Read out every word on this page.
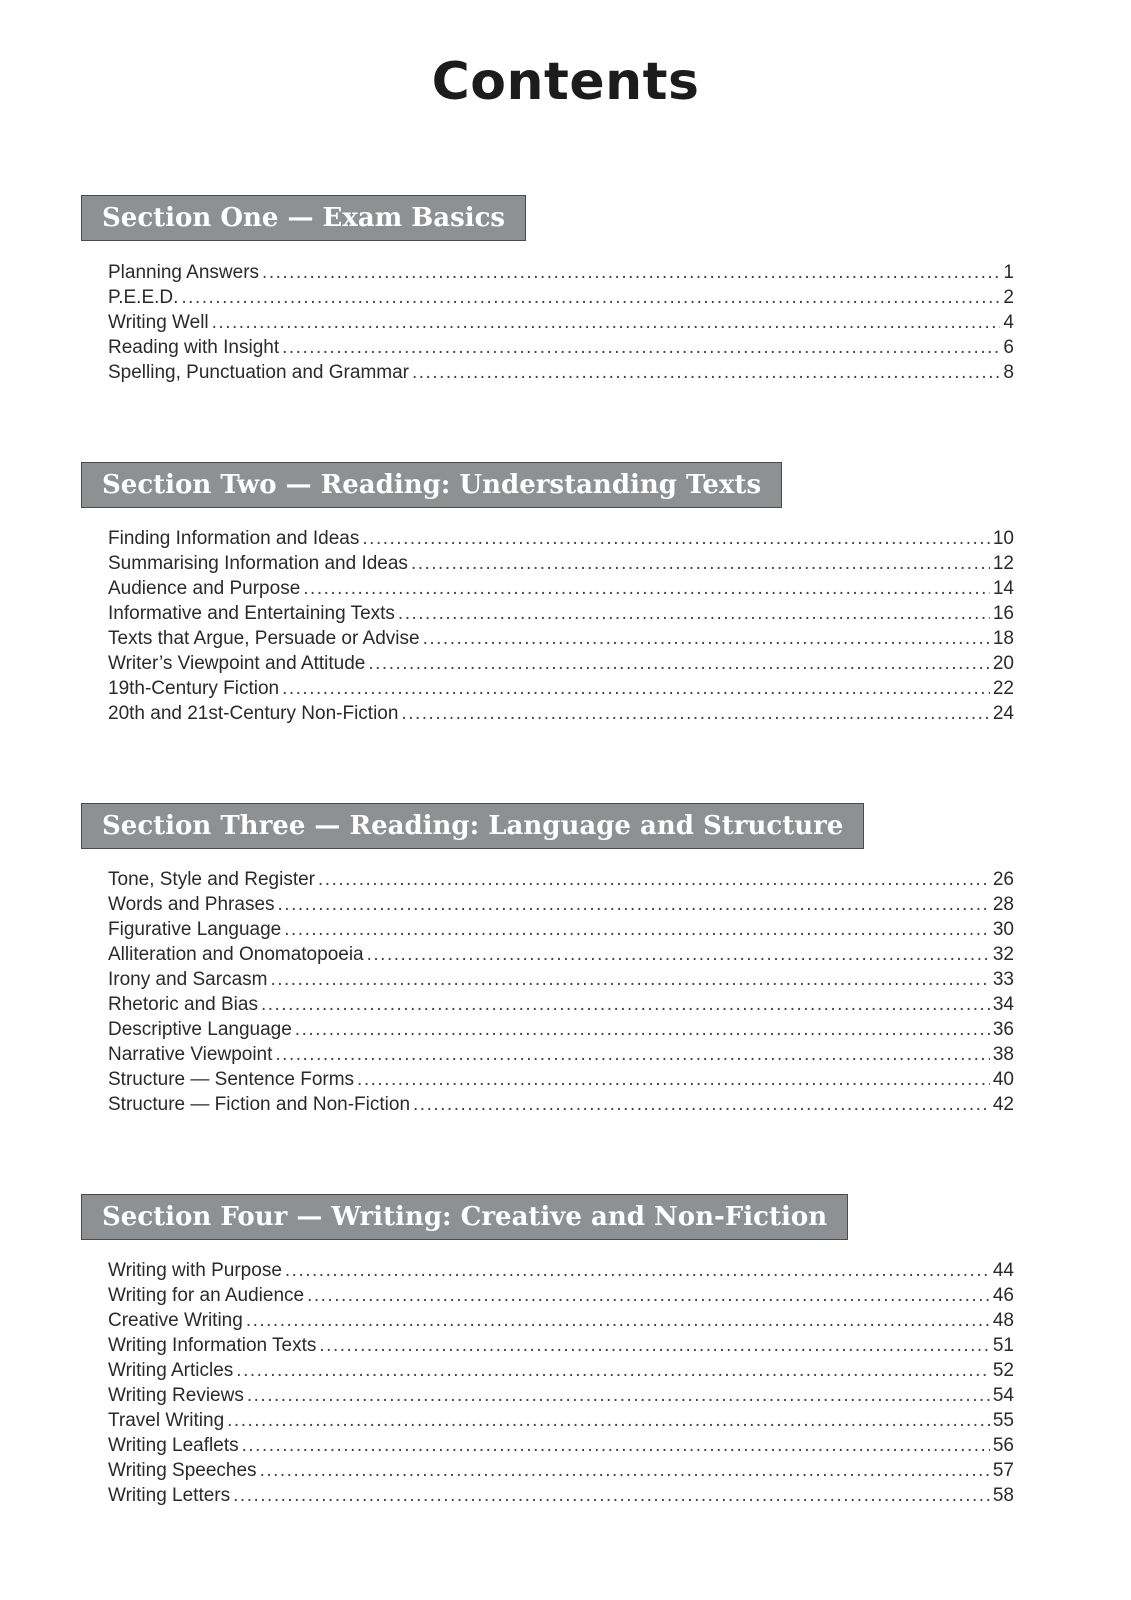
Contents
Section One — Exam Basics
Planning Answers .....	1
P.E.E.D. .....	2
Writing Well .....	4
Reading with Insight .....	6
Spelling, Punctuation and Grammar .....	8
Section Two — Reading: Understanding Texts
Finding Information and Ideas .....	10
Summarising Information and Ideas .....	12
Audience and Purpose .....	14
Informative and Entertaining Texts .....	16
Texts that Argue, Persuade or Advise .....	18
Writer’s Viewpoint and Attitude .....	20
19th-Century Fiction .....	22
20th and 21st-Century Non-Fiction .....	24
Section Three — Reading: Language and Structure
Tone, Style and Register .....	26
Words and Phrases .....	28
Figurative Language .....	30
Alliteration and Onomatopoeia .....	32
Irony and Sarcasm .....	33
Rhetoric and Bias .....	34
Descriptive Language .....	36
Narrative Viewpoint .....	38
Structure — Sentence Forms .....	40
Structure — Fiction and Non-Fiction .....	42
Section Four — Writing: Creative and Non-Fiction
Writing with Purpose .....	44
Writing for an Audience .....	46
Creative Writing .....	48
Writing Information Texts .....	51
Writing Articles .....	52
Writing Reviews .....	54
Travel Writing .....	55
Writing Leaflets .....	56
Writing Speeches .....	57
Writing Letters .....	58
